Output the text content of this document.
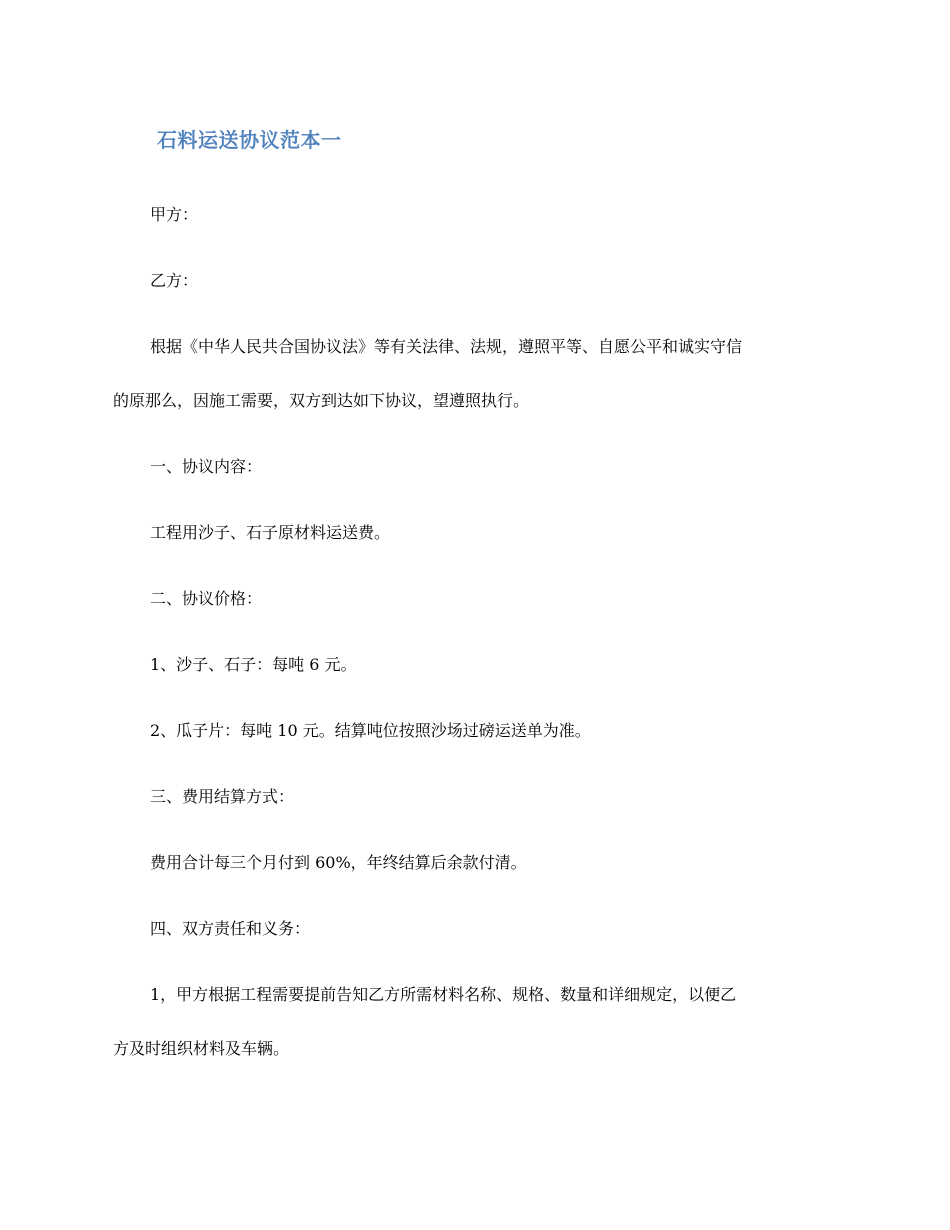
石料运送协议范本一
甲方：
乙方：
根据《中华人民共合国协议法》等有关法律、法规，遵照平等、自愿公平和诚实守信
的原那么，因施工需要，双方到达如下协议，望遵照执行。
一、协议内容：
工程用沙子、石子原材料运送费。
二、协议价格：
1、沙子、石子：每吨 6 元。
2、瓜子片：每吨 10 元。结算吨位按照沙场过磅运送单为准。
三、费用结算方式：
费用合计每三个月付到 60%，年终结算后余款付清。
四、双方责任和义务：
1，甲方根据工程需要提前告知乙方所需材料名称、规格、数量和详细规定，以便乙
方及时组织材料及车辆。
